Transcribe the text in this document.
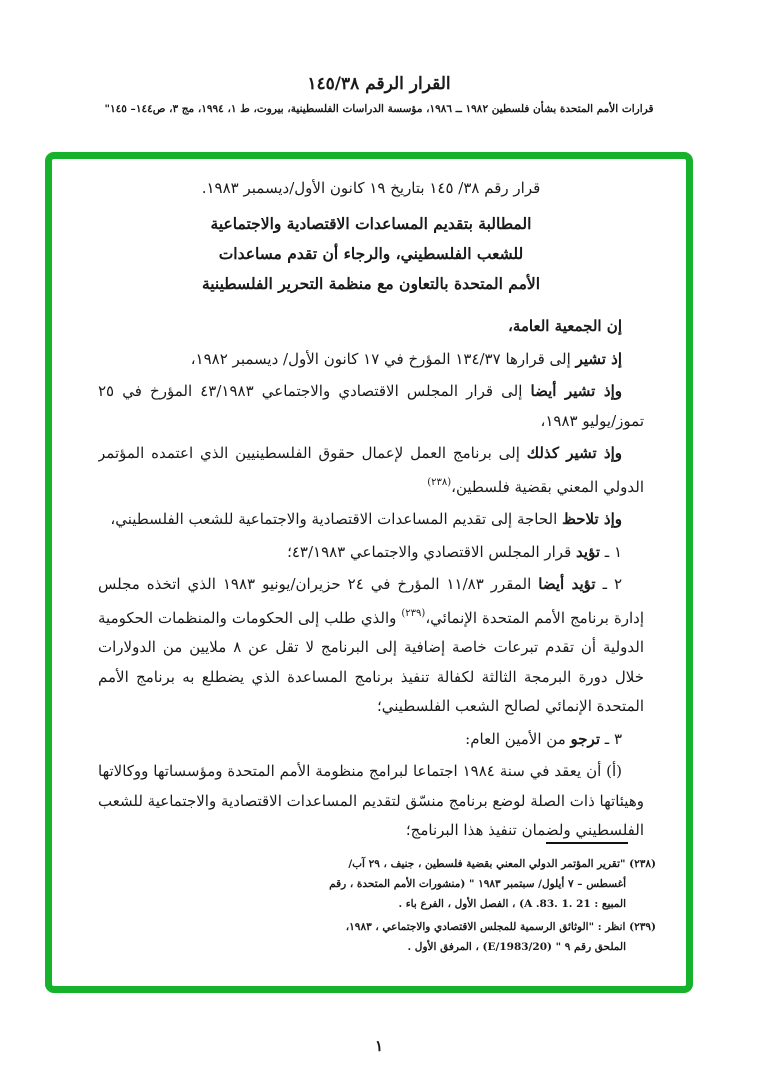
القرار الرقم ١٤٥/٣٨
قرارات الأمم المتحدة بشأن فلسطين ١٩٨٢ ــ ١٩٨٦، مؤسسة الدراسات الفلسطينية، بيروت، ط ١، ١٩٩٤، مج ٣، ص١٤٤– ١٤٥"

قرار رقم ٣٨/ ١٤٥ بتاريخ ١٩ كانون الأول/ديسمبر ١٩٨٣.

المطالبة بتقديم المساعدات الاقتصادية والاجتماعية
للشعب الفلسطيني، والرجاء أن تقدم مساعدات
الأمم المتحدة بالتعاون مع منظمة التحرير الفلسطينية

إن الجمعية العامة،

إذ تشير إلى قرارها ١٣٤/٣٧ المؤرخ في ١٧ كانون الأول/ ديسمبر ١٩٨٢،

وإذ تشير أيضا إلى قرار المجلس الاقتصادي والاجتماعي ٤٣/١٩٨٣ المؤرخ في ٢٥ تموز/يوليو ١٩٨٣،

وإذ تشير كذلك إلى برنامج العمل لإعمال حقوق الفلسطينيين الذي اعتمده المؤتمر الدولي المعني بقضية فلسطين،$^{(٢٣٨)}$

وإذ تلاحظ الحاجة إلى تقديم المساعدات الاقتصادية والاجتماعية للشعب الفلسطيني،

١ ـ تؤيد قرار المجلس الاقتصادي والاجتماعي ٤٣/١٩٨٣؛

٢ ـ تؤيد أيضا المقرر ١١/٨٣ المؤرخ في ٢٤ حزيران/يونيو ١٩٨٣ الذي اتخذه مجلس إدارة برنامج الأمم المتحدة الإنمائي،$^{(٢٣٩)}$ والذي طلب إلى الحكومات والمنظمات الحكومية الدولية أن تقدم تبرعات خاصة إضافية إلى البرنامج لا تقل عن ٨ ملايين من الدولارات خلال دورة البرمجة الثالثة لكفالة تنفيذ برنامج المساعدة الذي يضطلع به برنامج الأمم المتحدة الإنمائي لصالح الشعب الفلسطيني؛

٣ ـ ترجو من الأمين العام:

(أ) أن يعقد في سنة ١٩٨٤ اجتماعا لبرامج منظومة الأمم المتحدة ومؤسساتها ووكالاتها وهيئاتها ذات الصلة لوضع برنامج منسّق لتقديم المساعدات الاقتصادية والاجتماعية للشعب الفلسطيني ولضمان تنفيذ هذا البرنامج؛

(٢٣٨) "تقرير المؤتمر الدولي المعني بقضية فلسطين ، جنيف ، ٢٩ آب/ أغسطس – ٧ أيلول/ سبتمبر ١٩٨٣ " (منشورات الأمم المتحدة ، رقم المبيع : A .83. 1. 21) ، الفصل الأول ، الفرع باء .

(٢٣٩) انظر : "الوثائق الرسمية للمجلس الاقتصادي والاجتماعي ، ١٩٨٣، الملحق رقم ٩ " (E/1983/20) ، المرفق الأول .

١
